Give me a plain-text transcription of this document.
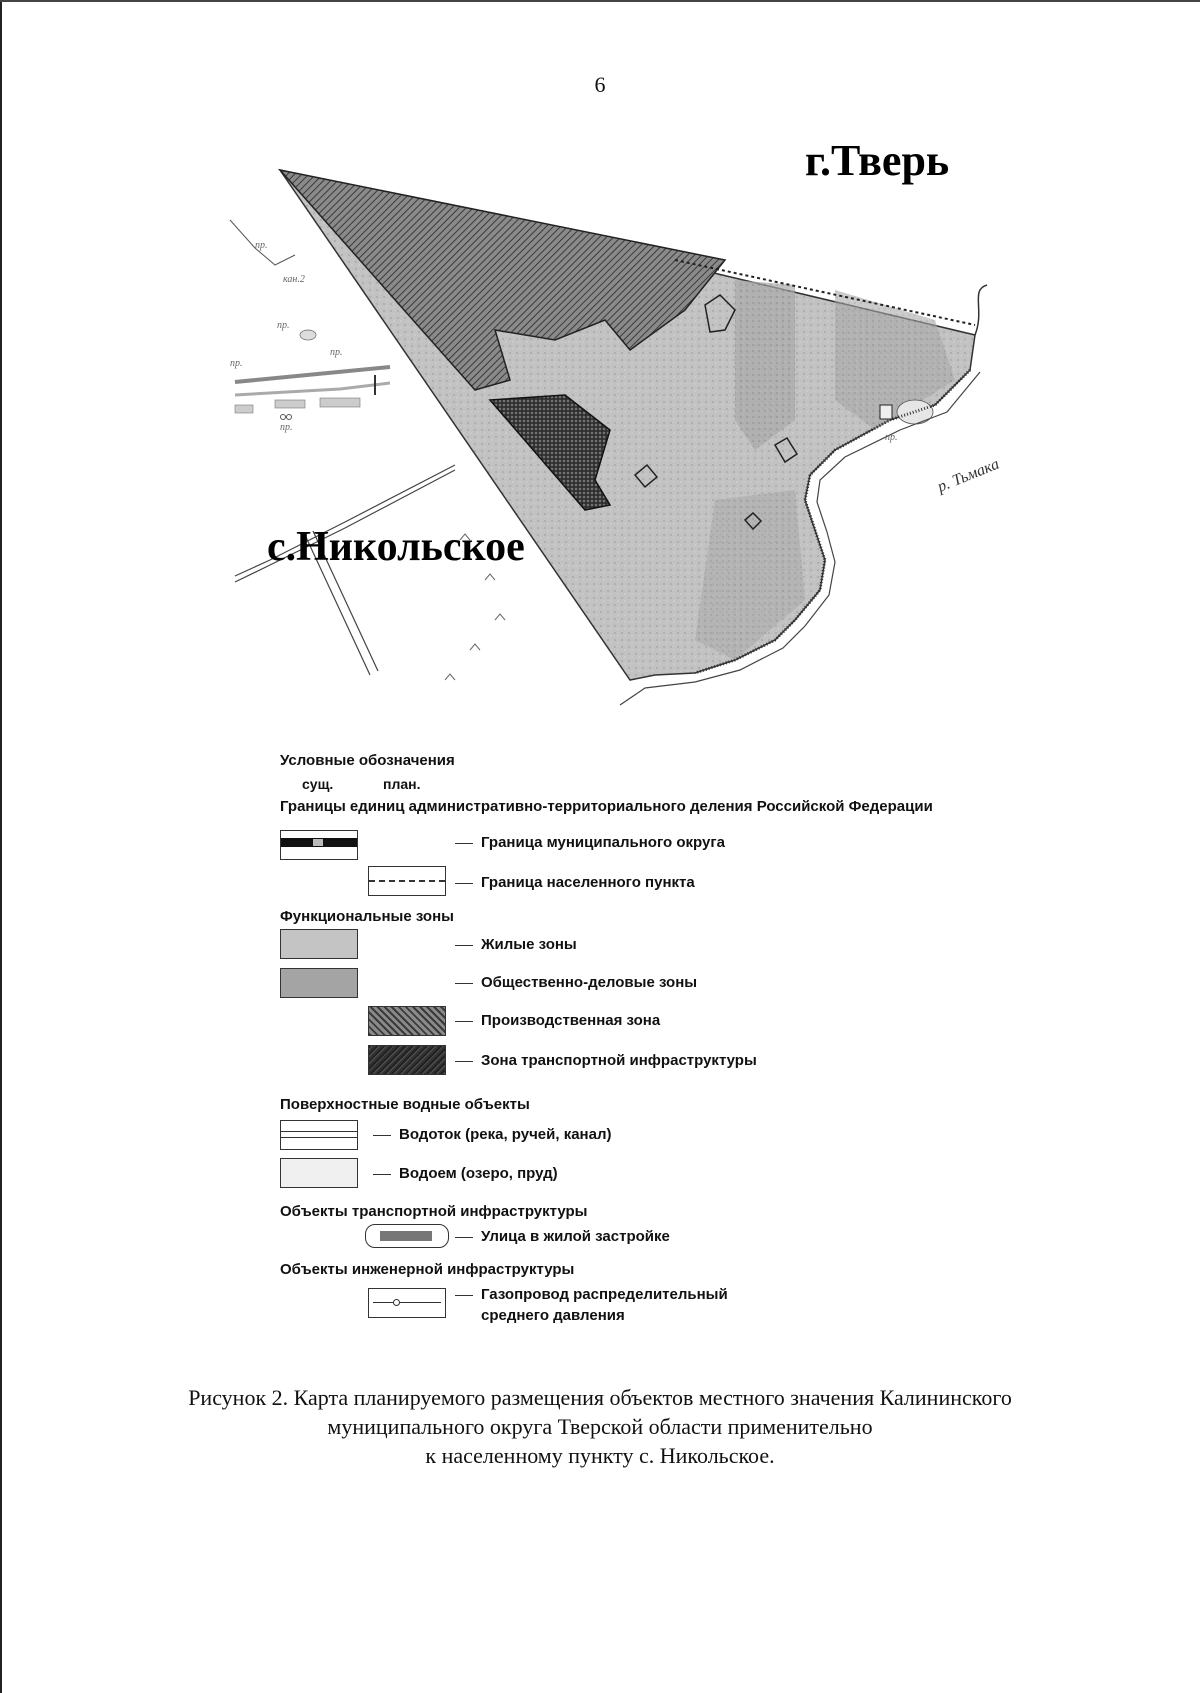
6
пр.
пр.
пр.
пр.
пр.
кан.2
пр.
г.Тверь
с.Никольское
р. Тьмака
Условные обозначения
сущ.	план.
Границы единиц административно-территориального деления Российской Федерации
Граница муниципального округа
Граница населенного пункта
Функциональные зоны
Жилые зоны
Общественно-деловые зоны
Производственная зона
Зона транспортной инфраструктуры
Поверхностные водные объекты
Водоток (река, ручей, канал)
Водоем (озеро, пруд)
Объекты транспортной инфраструктуры
Улица в жилой застройке
Объекты инженерной инфраструктуры
Газопровод распределительный
среднего давления
Рисунок 2. Карта планируемого размещения объектов местного значения Калининского
муниципального округа Тверской области применительно
к населенному пункту с. Никольское.
